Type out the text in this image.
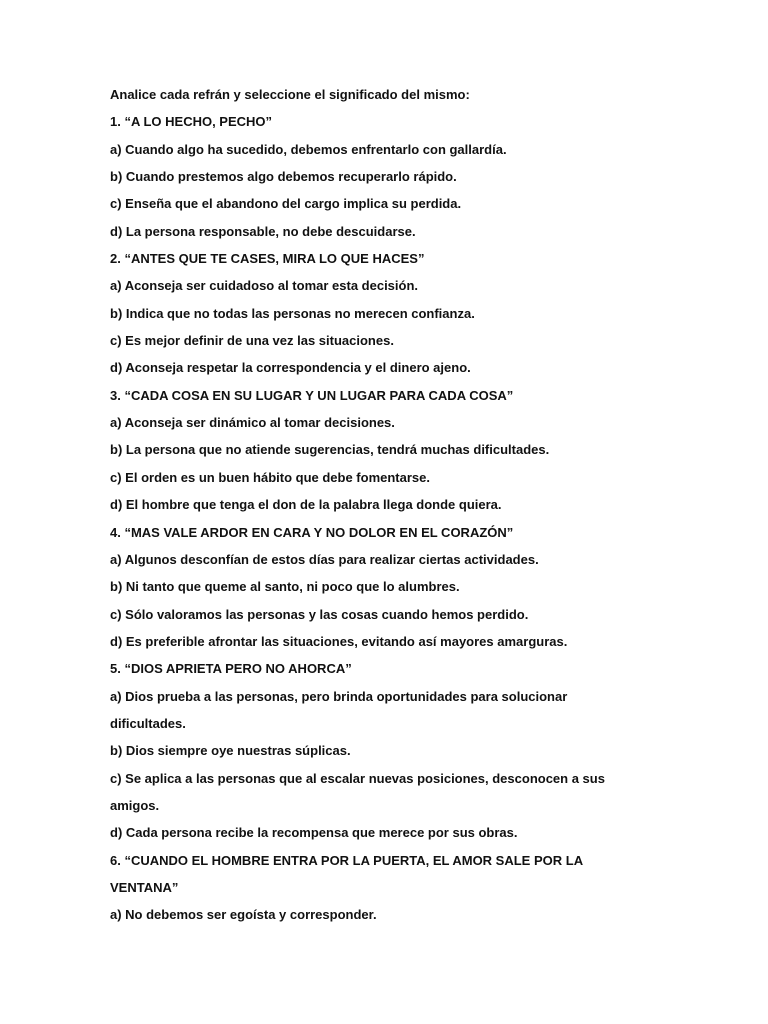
Analice cada refrán y seleccione el significado del mismo:
1. “A LO HECHO, PECHO”
a) Cuando algo ha sucedido, debemos enfrentarlo con gallardía.
b) Cuando prestemos algo debemos recuperarlo rápido.
c) Enseña que el abandono del cargo implica su perdida.
d) La persona responsable, no debe descuidarse.
2. “ANTES QUE TE CASES, MIRA LO QUE HACES”
a) Aconseja ser cuidadoso al tomar esta decisión.
b) Indica que no todas las personas no merecen confianza.
c) Es mejor definir de una vez las situaciones.
d) Aconseja respetar la correspondencia y el dinero ajeno.
3. “CADA COSA EN SU LUGAR Y UN LUGAR PARA CADA COSA”
a) Aconseja ser dinámico al tomar decisiones.
b) La persona que no atiende sugerencias, tendrá muchas dificultades.
c) El orden es un buen hábito que debe fomentarse.
d) El hombre que tenga el don de la palabra llega donde quiera.
4. “MAS VALE ARDOR EN CARA Y NO DOLOR EN EL CORAZÓN”
a) Algunos desconfían de estos días para realizar ciertas actividades.
b) Ni tanto que queme al santo, ni poco que lo alumbres.
c) Sólo valoramos las personas y las cosas cuando hemos perdido.
d) Es preferible afrontar las situaciones, evitando así mayores amarguras.
5. “DIOS APRIETA PERO NO AHORCA”
a) Dios prueba a las personas, pero brinda oportunidades para solucionar
dificultades.
b) Dios siempre oye nuestras súplicas.
c) Se aplica a las personas que al escalar nuevas posiciones, desconocen a sus
amigos.
d) Cada persona recibe la recompensa que merece por sus obras.
6. “CUANDO EL HOMBRE ENTRA POR LA PUERTA, EL AMOR SALE POR LA
VENTANA”
a) No debemos ser egoísta y corresponder.
